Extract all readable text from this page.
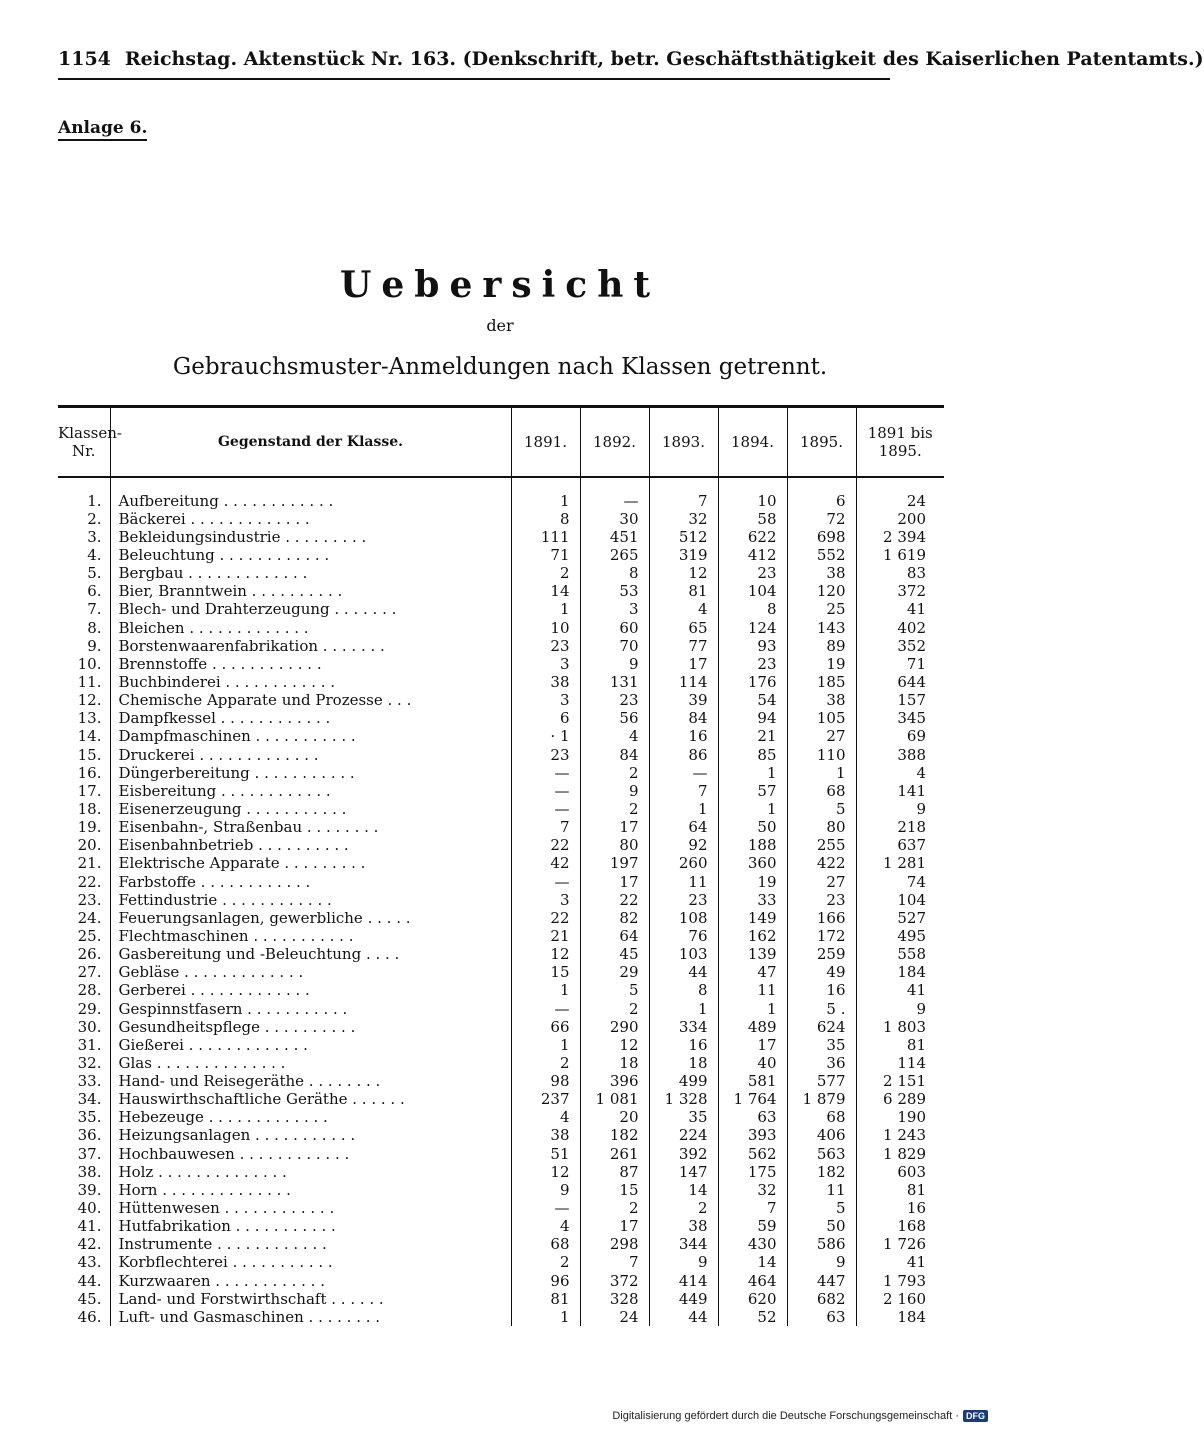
1154 Reichstag. Aktenstück Nr. 163. (Denkschrift, betr. Geschäftsthätigkeit des Kaiserlichen Patentamts.)
Anlage 6.
Uebersicht
der
Gebrauchsmuster-Anmeldungen nach Klassen getrennt.
Klassen-Nr.	Gegenstand der Klasse.	1891.	1892.	1893.	1894.	1895.	1891 bis 1895.

1.	Aufbereitung . . . . . . . . . . . .	1	—	7	10	6	24
2.	Bäckerei . . . . . . . . . . . . .	8	30	32	58	72	200
3.	Bekleidungsindustrie . . . . . . . . .	111	451	512	622	698	2 394
4.	Beleuchtung . . . . . . . . . . . .	71	265	319	412	552	1 619
5.	Bergbau . . . . . . . . . . . . .	2	8	12	23	38	83
6.	Bier, Branntwein . . . . . . . . . .	14	53	81	104	120	372
7.	Blech- und Drahterzeugung . . . . . . .	1	3	4	8	25	41
8.	Bleichen . . . . . . . . . . . . .	10	60	65	124	143	402
9.	Borstenwaarenfabrikation . . . . . . .	23	70	77	93	89	352
10.	Brennstoffe . . . . . . . . . . . .	3	9	17	23	19	71
11.	Buchbinderei . . . . . . . . . . . .	38	131	114	176	185	644
12.	Chemische Apparate und Prozesse . . .	3	23	39	54	38	157
13.	Dampfkessel . . . . . . . . . . . .	6	56	84	94	105	345
14.	Dampfmaschinen . . . . . . . . . . .	· 1	4	16	21	27	69
15.	Druckerei . . . . . . . . . . . . .	23	84	86	85	110	388
16.	Düngerbereitung . . . . . . . . . . .	—	2	—	1	1	4
17.	Eisbereitung . . . . . . . . . . . .	—	9	7	57	68	141
18.	Eisenerzeugung . . . . . . . . . . .	—	2	1	1	5	9
19.	Eisenbahn-, Straßenbau . . . . . . . .	7	17	64	50	80	218
20.	Eisenbahnbetrieb . . . . . . . . . .	22	80	92	188	255	637
21.	Elektrische Apparate . . . . . . . . .	42	197	260	360	422	1 281
22.	Farbstoffe . . . . . . . . . . . .	—	17	11	19	27	74
23.	Fettindustrie . . . . . . . . . . . .	3	22	23	33	23	104
24.	Feuerungsanlagen, gewerbliche . . . . .	22	82	108	149	166	527
25.	Flechtmaschinen . . . . . . . . . . .	21	64	76	162	172	495
26.	Gasbereitung und -Beleuchtung . . . .	12	45	103	139	259	558
27.	Gebläse . . . . . . . . . . . . .	15	29	44	47	49	184
28.	Gerberei . . . . . . . . . . . . .	1	5	8	11	16	41
29.	Gespinnstfasern . . . . . . . . . . .	—	2	1	1	5 .	9
30.	Gesundheitspflege . . . . . . . . . .	66	290	334	489	624	1 803
31.	Gießerei . . . . . . . . . . . . .	1	12	16	17	35	81
32.	Glas . . . . . . . . . . . . . .	2	18	18	40	36	114
33.	Hand- und Reisegeräthe . . . . . . . .	98	396	499	581	577	2 151
34.	Hauswirthschaftliche Geräthe . . . . . .	237	1 081	1 328	1 764	1 879	6 289
35.	Hebezeuge . . . . . . . . . . . . .	4	20	35	63	68	190
36.	Heizungsanlagen . . . . . . . . . . .	38	182	224	393	406	1 243
37.	Hochbauwesen . . . . . . . . . . . .	51	261	392	562	563	1 829
38.	Holz . . . . . . . . . . . . . .	12	87	147	175	182	603
39.	Horn . . . . . . . . . . . . . .	9	15	14	32	11	81
40.	Hüttenwesen . . . . . . . . . . . .	—	2	2	7	5	16
41.	Hutfabrikation . . . . . . . . . . .	4	17	38	59	50	168
42.	Instrumente . . . . . . . . . . . .	68	298	344	430	586	1 726
43.	Korbflechterei . . . . . . . . . . .	2	7	9	14	9	41
44.	Kurzwaaren . . . . . . . . . . . .	96	372	414	464	447	1 793
45.	Land- und Forstwirthschaft . . . . . .	81	328	449	620	682	2 160
46.	Luft- und Gasmaschinen . . . . . . . .	1	24	44	52	63	184
Digitalisierung gefördert durch die Deutsche Forschungsgemeinschaft · DFG
